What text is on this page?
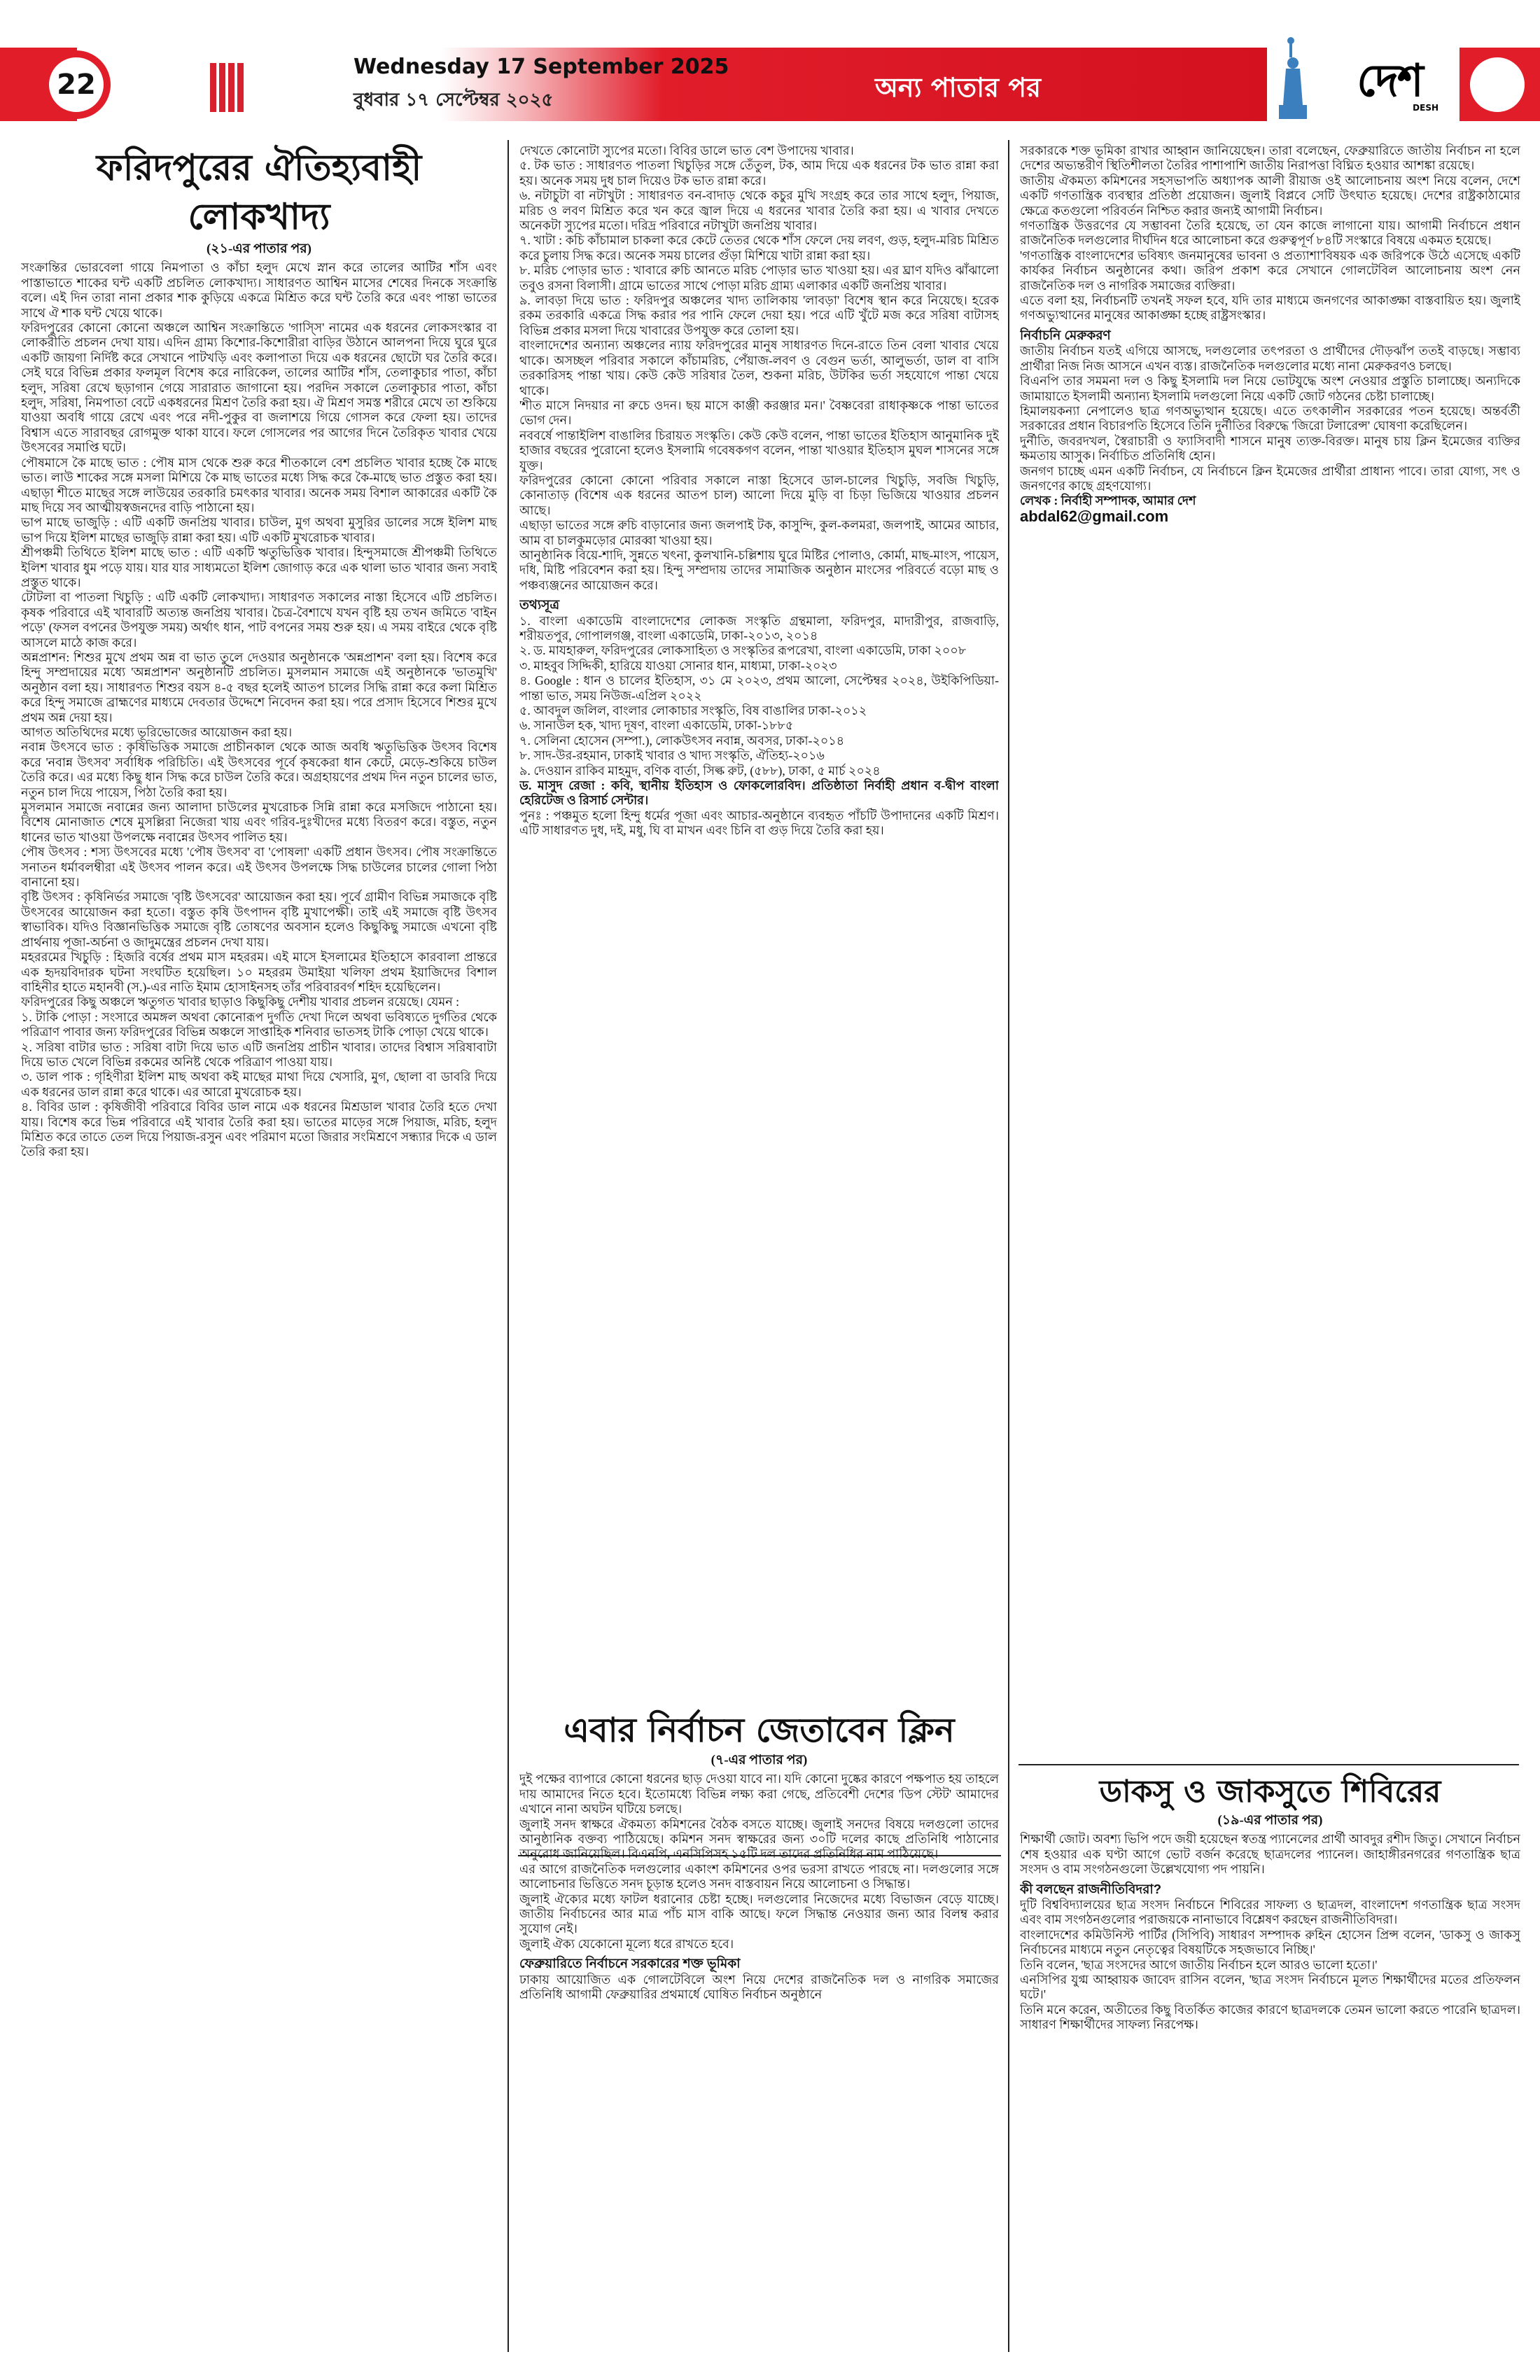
22
Wednesday 17 September 2025
বুধবার ১৭ সেপ্টেম্বর ২০২৫	অন্য পাতার পর	দেশ
DESH
ফরিদপুরের ঐতিহ্যবাহী লোকখাদ্য
(২১-এর পাতার পর)

সংক্রান্তির ভোরবেলা গায়ে নিমপাতা ও কাঁচা হলুদ মেখে স্নান করে তালের আটির শাঁস এবং পাস্তাভাতে শাকের ঘন্ট একটি প্রচলিত লোকখাদ্য। সাধারণত আশ্বিন মাসের শেষের দিনকে সংক্রান্তি বলে। এই দিন তারা নানা প্রকার শাক কুড়িয়ে একত্রে মিশ্রিত করে ঘন্ট তৈরি করে এবং পান্তা ভাতের সাথে ঐ শাক ঘন্ট খেয়ে থাকে।

ফরিদপুরের কোনো কোনো অঞ্চলে আশ্বিন সংক্রান্তিতে 'গাস্সি' নামের এক ধরনের লোকসংস্কার বা লোকরীতি প্রচলন দেখা যায়। এদিন গ্রাম্য কিশোর-কিশোরীরা বাড়ির উঠানে আলপনা দিয়ে ঘুরে ঘুরে একটি জায়গা নির্দিষ্ট করে সেখানে পাটখড়ি এবং কলাপাতা দিয়ে এক ধরনের ছোটো ঘর তৈরি করে। সেই ঘরে বিভিন্ন প্রকার ফলমূল বিশেষ করে নারিকেল, তালের আটির শাঁস, তেলাকুচার পাতা, কাঁচা হলুদ, সরিষা রেখে ছড়াগান গেয়ে সারারাত জাগানো হয়। পরদিন সকালে তেলাকুচার পাতা, কাঁচা হলুদ, সরিষা, নিমপাতা বেটে একধরনের মিশ্রণ তৈরি করা হয়। ঐ মিশ্রণ সমস্ত শরীরে মেখে তা শুকিয়ে যাওয়া অবধি গায়ে রেখে এবং পরে নদী-পুকুর বা জলাশয়ে গিয়ে গোসল করে ফেলা হয়। তাদের বিশ্বাস এতে সারাবছর রোগমুক্ত থাকা যাবে। ফলে গোসলের পর আগের দিনে তৈরিকৃত খাবার খেয়ে উৎসবের সমাপ্তি ঘটে।

পৌষমাসে কৈ মাছে ভাত : পৌষ মাস থেকে শুরু করে শীতকালে বেশ প্রচলিত খাবার হচ্ছে কৈ মাছে ভাত। লাউ শাকের সঙ্গে মসলা মিশিয়ে কৈ মাছ ভাতের মধ্যে সিদ্ধ করে কৈ-মাছে ভাত প্রস্তুত করা হয়। এছাড়া শীতে মাছের সঙ্গে লাউয়ের তরকারি চমৎকার খাবার। অনেক সময় বিশাল আকারের একটি কৈ মাছ দিয়ে সব আত্মীয়স্বজনদের বাড়ি পাঠানো হয়।

ভাপ মাছে ভাজুড়ি : এটি একটি জনপ্রিয় খাবার। চাউল, মুগ অথবা মুসুরির ডালের সঙ্গে ইলিশ মাছ ভাপ দিয়ে ইলিশ মাছের ভাজুড়ি রান্না করা হয়। এটি একটি মুখরোচক খাবার।

শ্রীপঞ্চমী তিথিতে ইলিশ মাছে ভাত : এটি একটি ঋতুভিত্তিক খাবার। হিন্দুসমাজে শ্রীপঞ্চমী তিথিতে ইলিশ খাবার ধুম পড়ে যায়। যার যার সাধ্যমতো ইলিশ জোগাড় করে এক থালা ভাত খাবার জন্য সবাই প্রস্তুত থাকে।

টোটলা বা পাতলা খিচুড়ি : এটি একটি লোকখাদ্য। সাধারণত সকালের নাস্তা হিসেবে এটি প্রচলিত। কৃষক পরিবারে এই খাবারটি অত্যন্ত জনপ্রিয় খাবার। চৈত্র-বৈশাখে যখন বৃষ্টি হয় তখন জমিতে 'বাইন পড়ে' (ফসল বপনের উপযুক্ত সময়) অর্থাৎ ধান, পাট বপনের সময় শুরু হয়। এ সময় বাইরে থেকে বৃষ্টি আসলে মাঠে কাজ করে।

অন্নপ্রাশন: শিশুর মুখে প্রথম অন্ন বা ভাত তুলে দেওয়ার অনুষ্ঠানকে 'অন্নপ্রাশন' বলা হয়। বিশেষ করে হিন্দু সম্প্রদায়ের মধ্যে 'অন্নপ্রাশন' অনুষ্ঠানটি প্রচলিত। মুসলমান সমাজে এই অনুষ্ঠানকে 'ভাতমুখি' অনুষ্ঠান বলা হয়। সাধারণত শিশুর বয়স ৪-৫ বছর হলেই আতপ চালের সিদ্ধি রান্না করে কলা মিশ্রিত করে হিন্দু সমাজে ব্রাহ্মণের মাধ্যমে দেবতার উদ্দেশে নিবেদন করা হয়। পরে প্রসাদ হিসেবে শিশুর মুখে প্রথম অন্ন দেয়া হয়।

আগত অতিথিদের মধ্যে ভূরিভোজের আয়োজন করা হয়।

নবান্ন উৎসবে ভাত : কৃষিভিত্তিক সমাজে প্রাচীনকাল থেকে আজ অবধি ঋতুভিত্তিক উৎসব বিশেষ করে 'নবান্ন উৎসব' সর্বাধিক পরিচিতি। এই উৎসবের পূর্বে কৃষকেরা ধান কেটে, মেড়ে-শুকিয়ে চাউল তৈরি করে। এর মধ্যে কিছু ধান সিদ্ধ করে চাউল তৈরি করে। অগ্রহায়ণের প্রথম দিন নতুন চালের ভাত, নতুন চাল দিয়ে পায়েস, পিঠা তৈরি করা হয়।

মুসলমান সমাজে নবান্নের জন্য আলাদা চাউলের মুখরোচক সিন্নি রান্না করে মসজিদে পাঠানো হয়। বিশেষ মোনাজাত শেষে মুসল্লিরা নিজেরা খায় এবং গরিব-দুঃখীদের মধ্যে বিতরণ করে। বস্তুত, নতুন ধানের ভাত খাওয়া উপলক্ষে নবান্নের উৎসব পালিত হয়।

পৌষ উৎসব : শস্য উৎসবের মধ্যে 'পৌষ উৎসব' বা 'পোষলা' একটি প্রধান উৎসব। পৌষ সংক্রান্তিতে সনাতন ধর্মাবলম্বীরা এই উৎসব পালন করে। এই উৎসব উপলক্ষে সিদ্ধ চাউলের চালের গোলা পিঠা বানানো হয়।

বৃষ্টি উৎসব : কৃষিনির্ভর সমাজে 'বৃষ্টি উৎসবের' আয়োজন করা হয়। পূর্বে গ্রামীণ বিভিন্ন সমাজকে বৃষ্টি উৎসবের আয়োজন করা হতো। বস্তুত কৃষি উৎপাদন বৃষ্টি মুখাপেক্ষী। তাই এই সমাজে বৃষ্টি উৎসব স্বাভাবিক। যদিও বিজ্ঞানভিত্তিক সমাজে বৃষ্টি তোষণের অবসান হলেও কিছুকিছু সমাজে এখনো বৃষ্টি প্রার্থনায় পূজা-অর্চনা ও জাদুমন্ত্রের প্রচলন দেখা যায়।

মহররমের খিচুড়ি : হিজরি বর্ষের প্রথম মাস মহররম। এই মাসে ইসলামের ইতিহাসে কারবালা প্রান্তরে এক হৃদয়বিদারক ঘটনা সংঘটিত হয়েছিল। ১০ মহররম উমাইয়া খলিফা প্রথম ইয়াজিদের বিশাল বাহিনীর হাতে মহানবী (স.)-এর নাতি ইমাম হোসাইনসহ তাঁর পরিবারবর্গ শহিদ হয়েছিলেন।

ফরিদপুরের কিছু অঞ্চলে ঋতুগত খাবার ছাড়াও কিছুকিছু দেশীয় খাবার প্রচলন রয়েছে। যেমন :

১. টাকি পোড়া : সংসারে অমঙ্গল অথবা কোনোরূপ দুর্গতি দেখা দিলে অথবা ভবিষ্যতে দুর্গতির থেকে পরিত্রাণ পাবার জন্য ফরিদপুরের বিভিন্ন অঞ্চলে সাপ্তাহিক শনিবার ভাতসহ টাকি পোড়া খেয়ে থাকে।

২. সরিষা বাটার ভাত : সরিষা বাটা দিয়ে ভাত এটি জনপ্রিয় প্রাচীন খাবার। তাদের বিশ্বাস সরিষাবাটা দিয়ে ভাত খেলে বিভিন্ন রকমের অনিষ্ট থেকে পরিত্রাণ পাওয়া যায়।

৩. ডাল পাক : গৃহিণীরা ইলিশ মাছ অথবা কই মাছের মাথা দিয়ে খেসারি, মুগ, ছোলা বা ডাবরি দিয়ে এক ধরনের ডাল রান্না করে থাকে। এর আরো মুখরোচক হয়।

৪. বিবির ডাল : কৃষিজীবী পরিবারে বিবির ডাল নামে এক ধরনের মিশ্রডাল খাবার তৈরি হতে দেখা যায়। বিশেষ করে ভিন্ন পরিবারে এই খাবার তৈরি করা হয়। ভাতের মাড়ের সঙ্গে পিয়াজ, মরিচ, হলুদ মিশ্রিত করে তাতে তেল দিয়ে পিয়াজ-রসুন এবং পরিমাণ মতো জিরার সংমিশ্রণে সন্ধ্যার দিকে এ ডাল তৈরি করা হয়।

দেখতে কোনোটা স্যুপের মতো। বিবির ডালে ভাত বেশ উপাদেয় খাবার।

৫. টক ভাত : সাধারণত পাতলা খিচুড়ির সঙ্গে তেঁতুল, টক, আম দিয়ে এক ধরনের টক ভাত রান্না করা হয়। অনেক সময় দুধ চাল দিয়েও টক ভাত রান্না করে।

৬. নটাচুটা বা নটাখুটা : সাধারণত বন-বাদাড় থেকে কচুর মুখি সংগ্রহ করে তার সাথে হলুদ, পিয়াজ, মরিচ ও লবণ মিশ্রিত করে খন করে জ্বাল দিয়ে এ ধরনের খাবার তৈরি করা হয়। এ খাবার দেখতে অনেকটা স্যুপের মতো। দরিদ্র পরিবারে নটাখুটা জনপ্রিয় খাবার।

৭. খাটা : কচি কাঁচামাল চাকলা করে কেটে তেতর থেকে শাঁস ফেলে দেয় লবণ, গুড়, হলুদ-মরিচ মিশ্রিত করে চুলায় সিদ্ধ করে। অনেক সময় চালের গুঁড়া মিশিয়ে খাটা রান্না করা হয়।

৮. মরিচ পোড়ার ভাত : খাবারে রুচি আনতে মরিচ পোড়ার ভাত খাওয়া হয়। এর ঘ্রাণ যদিও ঝাঁঝালো তবুও রসনা বিলাসী। গ্রামে ভাতের সাথে পোড়া মরিচ গ্রাম্য এলাকার একটি জনপ্রিয় খাবার।

৯. লাবড়া দিয়ে ভাত : ফরিদপুর অঞ্চলের খাদ্য তালিকায় 'লাবড়া' বিশেষ স্থান করে নিয়েছে। হরেক রকম তরকারি একত্রে সিদ্ধ করার পর পানি ফেলে দেয়া হয়। পরে এটি খুঁটে মজ করে সরিষা বাটাসহ বিভিন্ন প্রকার মসলা দিয়ে খাবারের উপযুক্ত করে তোলা হয়।

বাংলাদেশের অন্যান্য অঞ্চলের ন্যায় ফরিদপুরের মানুষ সাধারণত দিনে-রাতে তিন বেলা খাবার খেয়ে থাকে। অসচ্ছল পরিবার সকালে কাঁচামরিচ, পেঁয়াজ-লবণ ও বেগুন ভর্তা, আলুভর্তা, ডাল বা বাসি তরকারিসহ পান্তা খায়। কেউ কেউ সরিষার তৈল, শুকনা মরিচ, উটকির ভর্তা সহযোগে পান্তা খেয়ে থাকে।

'শীত মাসে নিদয়ার না রুচে ওদন। ছয় মাসে কাঞ্জী করঞ্জার মন।' বৈষ্ণবেরা রাধাকৃষ্ণকে পান্তা ভাতের ভোগ দেন।

নববর্ষে পান্তাইলিশ বাঙালির চিরায়ত সংস্কৃতি। কেউ কেউ বলেন, পান্তা ভাতের ইতিহাস আনুমানিক দুই হাজার বছরের পুরোনো হলেও ইসলামি গবেষকগণ বলেন, পান্তা খাওয়ার ইতিহাস মুঘল শাসনের সঙ্গে যুক্ত।

ফরিদপুরের কোনো কোনো পরিবার সকালে নাস্তা হিসেবে ডাল-চালের খিচুড়ি, সবজি খিচুড়ি, কোনাতাড় (বিশেষ এক ধরনের আতপ চাল) আলো দিয়ে মুড়ি বা চিড়া ভিজিয়ে খাওয়ার প্রচলন আছে।

এছাড়া ভাতের সঙ্গে রুচি বাড়ানোর জন্য জলপাই টক, কাসুন্দি, কুল-কলমরা, জলপাই, আমের আচার, আম বা চালকুমড়োর মোরব্বা খাওয়া হয়।

আনুষ্ঠানিক বিয়ে-শাদি, সুন্নতে খৎনা, কুলখানি-চল্লিশায় ঘুরে মিষ্টির পোলাও, কোর্মা, মাছ-মাংস, পায়েস, দধি, মিষ্টি পরিবেশন করা হয়। হিন্দু সম্প্রদায় তাদের সামাজিক অনুষ্ঠান মাংসের পরিবর্তে বড়ো মাছ ও পঞ্চব্যঞ্জনের আয়োজন করে।

তথ্যসূত্র

১. বাংলা একাডেমি বাংলাদেশের লোকজ সংস্কৃতি গ্রন্থমালা, ফরিদপুর, মাদারীপুর, রাজবাড়ি, শরীয়তপুর, গোপালগঞ্জ, বাংলা একাডেমি, ঢাকা-২০১৩, ২০১৪

২. ড. মাযহারুল, ফরিদপুরের লোকসাহিত্য ও সংস্কৃতির রূপরেখা, বাংলা একাডেমি, ঢাকা ২০০৮

৩. মাহবুব সিদ্দিকী, হারিয়ে যাওয়া সোনার ধান, মাধ্যমা, ঢাকা-২০২৩

৪. Google : ধান ও চালের ইতিহাস, ৩১ মে ২০২৩, প্রথম আলো, সেপ্টেম্বর ২০২৪, উইকিপিডিয়া-পান্তা ভাত, সময় নিউজ-এপ্রিল ২০২২

৫. আবদুল জলিল, বাংলার লোকাচার সংস্কৃতি, বিষ বাঙালির ঢাকা-২০১২

৬. সানাউল হক, খাদ্য দূষণ, বাংলা একাডেমি, ঢাকা-১৮৮৫

৭. সেলিনা হোসেন (সম্পা.), লোকউৎসব নবান্ন, অবসর, ঢাকা-২০১৪

৮. সাদ-উর-রহমান, ঢাকাই খাবার ও খাদ্য সংস্কৃতি, ঐতিহ্য-২০১৬

৯. দেওয়ান রাকিব মাহমুদ, বণিক বার্তা, সিল্ক রুট, (৫৮৮), ঢাকা, ৫ মার্চ ২০২৪

ড. মাসুদ রেজা : কবি, স্থানীয় ইতিহাস ও ফোকলোরবিদ। প্রতিষ্ঠাতা নির্বাহী প্রধান ব-দ্বীপ বাংলা হেরিটেজ ও রিসার্চ সেন্টার।

পুনঃ : পঞ্চমুত হলো হিন্দু ধর্মের পূজা এবং আচার-অনুষ্ঠানে ব্যবহৃত পাঁচটি উপাদানের একটি মিশ্রণ। এটি সাধারণত দুধ, দই, মধু, ঘি বা মাখন এবং চিনি বা গুড় দিয়ে তৈরি করা হয়।

এবার নির্বাচন জেতাবেন ক্লিন
(৭-এর পাতার পর)

দুই পক্ষের ব্যাপারে কোনো ধরনের ছাড় দেওয়া যাবে না। যদি কোনো দুষ্কের কারণে পক্ষপাত হয় তাহলে দায় আমাদের নিতে হবে। ইতোমধ্যে বিভিন্ন লক্ষ্য করা গেছে, প্রতিবেশী দেশের 'ডিপ স্টেট' আমাদের এখানে নানা অঘটন ঘটিয়ে চলছে।

জুলাই সনদ স্বাক্ষরে ঐকমত্য কমিশনের বৈঠক বসতে যাচ্ছে। জুলাই সনদের বিষয়ে দলগুলো তাদের আনুষ্ঠানিক বক্তব্য পাঠিয়েছে। কমিশন সনদ স্বাক্ষরের জন্য ৩০টি দলের কাছে প্রতিনিধি পাঠানোর অনুরোধ জানিয়েছিল। বিএনপি, এনসিপিসহ ১৫টি দল তাদের প্রতিনিধির নাম পাঠিয়েছে।

এর আগে রাজনৈতিক দলগুলোর একাংশ কমিশনের ওপর ভরসা রাখতে পারছে না। দলগুলোর সঙ্গে আলোচনার ভিত্তিতে সনদ চূড়ান্ত হলেও সনদ বাস্তবায়ন নিয়ে আলোচনা ও সিদ্ধান্ত।

জুলাই ঐক্যের মধ্যে ফাটল ধরানোর চেষ্টা হচ্ছে। দলগুলোর নিজেদের মধ্যে বিভাজন বেড়ে যাচ্ছে। জাতীয় নির্বাচনের আর মাত্র পাঁচ মাস বাকি আছে। ফলে সিদ্ধান্ত নেওয়ার জন্য আর বিলম্ব করার সুযোগ নেই।

জুলাই ঐক্য যেকোনো মূল্যে ধরে রাখতে হবে।

ফেব্রুয়ারিতে নির্বাচনে সরকারের শক্ত ভূমিকা

ঢাকায় আয়োজিত এক গোলটেবিলে অংশ নিয়ে দেশের রাজনৈতিক দল ও নাগরিক সমাজের প্রতিনিধি আগামী ফেব্রুয়ারির প্রথমার্ধে ঘোষিত নির্বাচন অনুষ্ঠানে

সরকারকে শক্ত ভূমিকা রাখার আহ্বান জানিয়েছেন। তারা বলেছেন, ফেব্রুয়ারিতে জাতীয় নির্বাচন না হলে দেশের অভ্যন্তরীণ স্থিতিশীলতা তৈরির পাশাপাশি জাতীয় নিরাপত্তা বিঘ্নিত হওয়ার আশঙ্কা রয়েছে।

জাতীয় ঐকমত্য কমিশনের সহসভাপতি অধ্যাপক আলী রীয়াজ ওই আলোচনায় অংশ নিয়ে বলেন, দেশে একটি গণতান্ত্রিক ব্যবস্থার প্রতিষ্ঠা প্রয়োজন। জুলাই বিপ্লবে সেটি উৎঘাত হয়েছে। দেশের রাষ্ট্রকাঠামোর ক্ষেত্রে কতগুলো পরিবর্তন নিশ্চিত করার জন্যই আগামী নির্বাচন।

গণতান্ত্রিক উত্তরণের যে সম্ভাবনা তৈরি হয়েছে, তা যেন কাজে লাগানো যায়। আগামী নির্বাচনে প্রধান রাজনৈতিক দলগুলোর দীর্ঘদিন ধরে আলোচনা করে গুরুত্বপূর্ণ ৮৪টি সংস্কারে বিষয়ে একমত হয়েছে।

'গণতান্ত্রিক বাংলাদেশের ভবিষ্যৎ জনমানুষের ভাবনা ও প্রত্যাশা'বিষয়ক এক জরিপকে উঠে এসেছে একটি কার্যকর নির্বাচন অনুষ্ঠানের কথা। জরিপ প্রকাশ করে সেখানে গোলটেবিল আলোচনায় অংশ নেন রাজনৈতিক দল ও নাগরিক সমাজের ব্যক্তিরা।

এতে বলা হয়, নির্বাচনটি তখনই সফল হবে, যদি তার মাধ্যমে জনগণের আকাঙ্ক্ষা বাস্তবায়িত হয়। জুলাই গণঅভ্যুত্থানের মানুষের আকাঙ্ক্ষা হচ্ছে রাষ্ট্রসংস্কার।

নির্বাচনি মেরুকরণ

জাতীয় নির্বাচন যতই এগিয়ে আসছে, দলগুলোর তৎপরতা ও প্রার্থীদের দৌড়ঝাঁপ ততই বাড়ছে। সম্ভাব্য প্রার্থীরা নিজ নিজ আসনে এখন ব্যস্ত। রাজনৈতিক দলগুলোর মধ্যে নানা মেরুকরণও চলছে।

বিএনপি তার সমমনা দল ও কিছু ইসলামি দল নিয়ে ভোটযুদ্ধে অংশ নেওয়ার প্রস্তুতি চালাচ্ছে। অন্যদিকে জামায়াতে ইসলামী অন্যান্য ইসলামি দলগুলো নিয়ে একটি জোট গঠনের চেষ্টা চালাচ্ছে।

হিমালয়কন্যা নেপালেও ছাত্র গণঅভ্যুত্থান হয়েছে। এতে তৎকালীন সরকারের পতন হয়েছে। অন্তর্বর্তী সরকারের প্রধান বিচারপতি হিসেবে তিনি দুর্নীতির বিরুদ্ধে 'জিরো টলারেন্স' ঘোষণা করেছিলেন।

দুর্নীতি, জবরদখল, স্বৈরাচারী ও ফ্যাসিবাদী শাসনে মানুষ ত্যক্ত-বিরক্ত। মানুষ চায় ক্লিন ইমেজের ব্যক্তির ক্ষমতায় আসুক। নির্বাচিত প্রতিনিধি হোন।

জনগণ চাচ্ছে এমন একটি নির্বাচন, যে নির্বাচনে ক্লিন ইমেজের প্রার্থীরা প্রাধান্য পাবে। তারা যোগ্য, সৎ ও জনগণের কাছে গ্রহণযোগ্য।

লেখক : নির্বাহী সম্পাদক, আমার দেশ

abdal62@gmail.com

ডাকসু ও জাকসুতে শিবিরের
(১৯-এর পাতার পর)

শিক্ষার্থী জোট। অবশ্য ভিপি পদে জয়ী হয়েছেন স্বতন্ত্র প্যানেলের প্রার্থী আবদুর রশীদ জিতু। সেখানে নির্বাচন শেষ হওয়ার এক ঘণ্টা আগে ভোট বর্জন করেছে ছাত্রদলের প্যানেল। জাহাঙ্গীরনগরের গণতান্ত্রিক ছাত্র সংসদ ও বাম সংগঠনগুলো উল্লেখযোগ্য পদ পায়নি।

কী বলছেন রাজনীতিবিদরা?

দুটি বিশ্ববিদ্যালয়ের ছাত্র সংসদ নির্বাচনে শিবিরের সাফল্য ও ছাত্রদল, বাংলাদেশ গণতান্ত্রিক ছাত্র সংসদ এবং বাম সংগঠনগুলোর পরাজয়কে নানাভাবে বিশ্লেষণ করছেন রাজনীতিবিদরা।

বাংলাদেশের কমিউনিস্ট পার্টির (সিপিবি) সাধারণ সম্পাদক রুহিন হোসেন প্রিন্স বলেন, 'ডাকসু ও জাকসু নির্বাচনের মাধ্যমে নতুন নেতৃত্বের বিষয়টিকে সহজভাবে নিচ্ছি।'

তিনি বলেন, 'ছাত্র সংসদের আগে জাতীয় নির্বাচন হলে আরও ভালো হতো।'

এনসিপির যুগ্ম আহ্বায়ক জাবেদ রাসিন বলেন, 'ছাত্র সংসদ নির্বাচনে মূলত শিক্ষার্থীদের মতের প্রতিফলন ঘটে।'

তিনি মনে করেন, অতীতের কিছু বিতর্কিত কাজের কারণে ছাত্রদলকে তেমন ভালো করতে পারেনি ছাত্রদল। সাধারণ শিক্ষার্থীদের সাফল্য নিরপেক্ষ।
